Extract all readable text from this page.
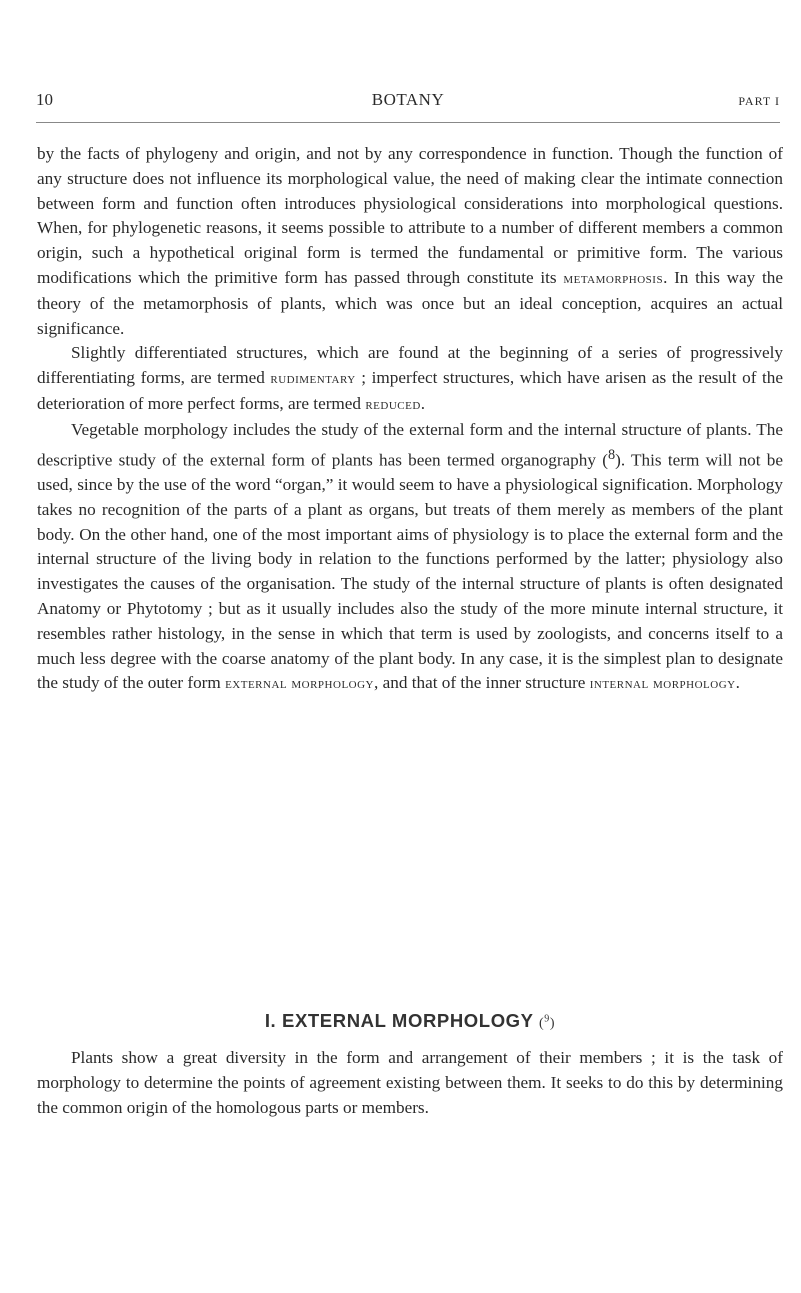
10	BOTANY	PART I

by the facts of phylogeny and origin, and not by any correspondence in function. Though the function of any structure does not influence its morphological value, the need of making clear the intimate connection between form and function often introduces physiological considerations into morphological questions. When, for phylogenetic reasons, it seems possible to attribute to a number of different members a common origin, such a hypothetical original form is termed the fundamental or primitive form. The various modifications which the primitive form has passed through constitute its metamorphosis. In this way the theory of the metamorphosis of plants, which was once but an ideal conception, acquires an actual significance.

Slightly differentiated structures, which are found at the beginning of a series of progressively differentiating forms, are termed rudimentary ; imperfect structures, which have arisen as the result of the deterioration of more perfect forms, are termed reduced.

Vegetable morphology includes the study of the external form and the internal structure of plants. The descriptive study of the external form of plants has been termed organography ($^8$). This term will not be used, since by the use of the word “organ,” it would seem to have a physiological signification. Morphology takes no recognition of the parts of a plant as organs, but treats of them merely as members of the plant body. On the other hand, one of the most important aims of physiology is to place the external form and the internal structure of the living body in relation to the functions performed by the latter; physiology also investigates the causes of the organisation. The study of the internal structure of plants is often designated Anatomy or Phytotomy ; but as it usually includes also the study of the more minute internal structure, it resembles rather histology, in the sense in which that term is used by zoologists, and concerns itself to a much less degree with the coarse anatomy of the plant body. In any case, it is the simplest plan to designate the study of the outer form external morphology, and that of the inner structure internal morphology.

I. EXTERNAL MORPHOLOGY ($^9$)

Plants show a great diversity in the form and arrangement of their members ; it is the task of morphology to determine the points of agreement existing between them. It seeks to do this by determining the common origin of the homologous parts or members.
